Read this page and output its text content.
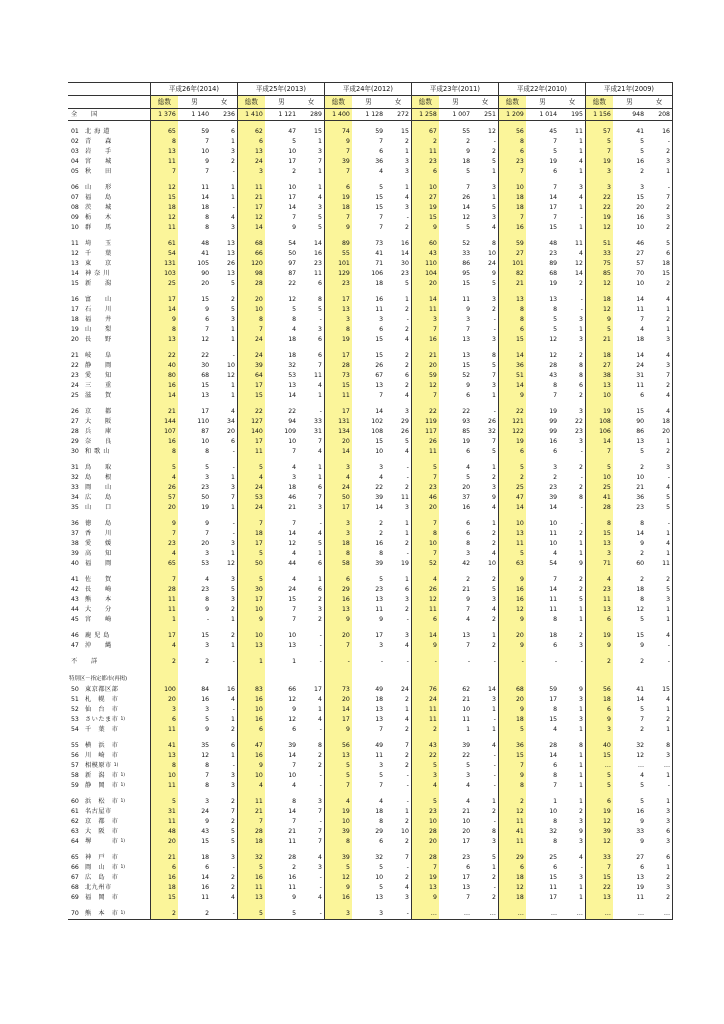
	平成26年(2014)			平成25年(2013)			平成24年(2012)			平成23年(2011)			平成22年(2010)			平成21年(2009)		
	総数	男	女	総数	男	女	総数	男	女	総数	男	女	総数	男	女	総数	男	女
全　　国	1 376	1 140	236	1 410	1 121	289	1 400	1 128	272	1 258	1 007	251	1 209	1 014	195	1 156	948	208

01 北 海 道	65	59	6	62	47	15	74	59	15	67	55	12	56	45	11	57	41	16
02 青　　森	8	7	1	6	5	1	9	7	2	2	2	-	8	7	1	5	5	-
03 岩　　手	13	10	3	13	10	3	7	6	1	11	9	2	6	5	1	7	5	2
04 宮　　城	11	9	2	24	17	7	39	36	3	23	18	5	23	19	4	19	16	3
05 秋　　田	7	7	-	3	2	1	7	4	3	6	5	1	7	6	1	3	2	1

06 山　　形	12	11	1	11	10	1	6	5	1	10	7	3	10	7	3	3	3	-
07 福　　島	15	14	1	21	17	4	19	15	4	27	26	1	18	14	4	22	15	7
08 茨　　城	18	18	-	17	14	3	18	15	3	19	14	5	18	17	1	22	20	2
09 栃　　木	12	8	4	12	7	5	7	7	-	15	12	3	7	7	-	19	16	3
10 群　　馬	11	8	3	14	9	5	9	7	2	9	5	4	16	15	1	12	10	2

11 埼　　玉	61	48	13	68	54	14	89	73	16	60	52	8	59	48	11	51	46	5
12 千　　葉	54	41	13	66	50	16	55	41	14	43	33	10	27	23	4	33	27	6
13 東　　京	131	105	26	120	97	23	101	71	30	110	86	24	101	89	12	75	57	18
14 神 奈 川	103	90	13	98	87	11	129	106	23	104	95	9	82	68	14	85	70	15
15 新　　潟	25	20	5	28	22	6	23	18	5	20	15	5	21	19	2	12	10	2

16 富　　山	17	15	2	20	12	8	17	16	1	14	11	3	13	13	-	18	14	4
17 石　　川	14	9	5	10	5	5	13	11	2	11	9	2	8	8	-	12	11	1
18 福　　井	9	6	3	8	8	-	3	3	-	3	3	-	8	5	3	9	7	2
19 山　　梨	8	7	1	7	4	3	8	6	2	7	7	-	6	5	1	5	4	1
20 長　　野	13	12	1	24	18	6	19	15	4	16	13	3	15	12	3	21	18	3

21 岐　　阜	22	22	-	24	18	6	17	15	2	21	13	8	14	12	2	18	14	4
22 静　　岡	40	30	10	39	32	7	28	26	2	20	15	5	36	28	8	27	24	3
23 愛　　知	80	68	12	64	53	11	73	67	6	59	52	7	51	43	8	38	31	7
24 三　　重	16	15	1	17	13	4	15	13	2	12	9	3	14	8	6	13	11	2
25 滋　　賀	14	13	1	15	14	1	11	7	4	7	6	1	9	7	2	10	6	4

26 京　　都	21	17	4	22	22	-	17	14	3	22	22	-	22	19	3	19	15	4
27 大　　阪	144	110	34	127	94	33	131	102	29	119	93	26	121	99	22	108	90	18
28 兵　　庫	107	87	20	140	109	31	134	108	26	117	85	32	122	99	23	106	86	20
29 奈　　良	16	10	6	17	10	7	20	15	5	26	19	7	19	16	3	14	13	1
30 和 歌 山	8	8	-	11	7	4	14	10	4	11	6	5	6	6	-	7	5	2

31 鳥　　取	5	5	-	5	4	1	3	3	-	5	4	1	5	3	2	5	2	3
32 島　　根	4	3	1	4	3	1	4	4	-	7	5	2	2	2	-	10	10	-
33 岡　　山	26	23	3	24	18	6	24	22	2	23	20	3	25	23	2	25	21	4
34 広　　島	57	50	7	53	46	7	50	39	11	46	37	9	47	39	8	41	36	5
35 山　　口	20	19	1	24	21	3	17	14	3	20	16	4	14	14	-	28	23	5

36 徳　　島	9	9	-	7	7	-	3	2	1	7	6	1	10	10	-	8	8	-
37 香　　川	7	7	-	18	14	4	3	2	1	8	6	2	13	11	2	15	14	1
38 愛　　媛	23	20	3	17	12	5	18	16	2	10	8	2	11	10	1	13	9	4
39 高　　知	4	3	1	5	4	1	8	8	-	7	3	4	5	4	1	3	2	1
40 福　　岡	65	53	12	50	44	6	58	39	19	52	42	10	63	54	9	71	60	11

41 佐　　賀	7	4	3	5	4	1	6	5	1	4	2	2	9	7	2	4	2	2
42 長　　崎	28	23	5	30	24	6	29	23	6	26	21	5	16	14	2	23	18	5
43 熊　　本	11	8	3	17	15	2	16	13	3	12	9	3	16	11	5	11	8	3
44 大　　分	11	9	2	10	7	3	13	11	2	11	7	4	12	11	1	13	12	1
45 宮　　崎	1	-	1	9	7	2	9	9	-	6	4	2	9	8	1	6	5	1

46 鹿 児 島	17	15	2	10	10	-	20	17	3	14	13	1	20	18	2	19	15	4
47 沖　　縄	4	3	1	13	13	-	7	3	4	9	7	2	9	6	3	9	9	-

不　　詳	2	2	-	1	1	-	-	-	-	-	-	-	-	-	-	2	2	-

特別区－指定都市(再掲)																		
50 東京都区部	100	84	16	83	66	17	73	49	24	76	62	14	68	59	9	56	41	15
51 札　幌　市	20	16	4	16	12	4	20	18	2	24	21	3	20	17	3	18	14	4
52 仙　台　市	3	3	-	10	9	1	14	13	1	11	10	1	9	8	1	6	5	1
53 さいたま市 $^{1)}$	6	5	1	16	12	4	17	13	4	11	11	-	18	15	3	9	7	2
54 千　葉　市	11	9	2	6	6	-	9	7	2	2	1	1	5	4	1	3	2	1

55 横　浜　市	41	35	6	47	39	8	56	49	7	43	39	4	36	28	8	40	32	8
56 川　崎　市	13	12	1	16	14	2	13	11	2	22	22	-	15	14	1	15	12	3
57 相模原市 $^{1)}$	8	8	-	9	7	2	5	3	2	5	5	-	7	6	1	…	…	…
58 新　潟　市 $^{1)}$	10	7	3	10	10	-	5	5	-	3	3	-	9	8	1	5	4	1
59 静　岡　市 $^{1)}$	11	8	3	4	4	-	7	7	-	4	4	-	8	7	1	5	5	-

60 浜　松　市 $^{1)}$	5	3	2	11	8	3	4	4	-	5	4	1	2	1	1	6	5	1
61 名古屋市	31	24	7	21	14	7	19	18	1	23	21	2	12	10	2	19	16	3
62 京　都　市	11	9	2	7	7	-	10	8	2	10	10	-	11	8	3	12	9	3
63 大　阪　市	48	43	5	28	21	7	39	29	10	28	20	8	41	32	9	39	33	6
64 堺　　　市 $^{1)}$	20	15	5	18	11	7	8	6	2	20	17	3	11	8	3	12	9	3

65 神　戸　市	21	18	3	32	28	4	39	32	7	28	23	5	29	25	4	33	27	6
66 岡　山　市 $^{1)}$	6	6	-	5	2	3	5	5	-	7	6	1	6	6	-	7	6	1
67 広　島　市	16	14	2	16	16	-	12	10	2	19	17	2	18	15	3	15	13	2
68 北九州市	18	16	2	11	11	-	9	5	4	13	13	-	12	11	1	22	19	3
69 福　岡　市	15	11	4	13	9	4	16	13	3	9	7	2	18	17	1	13	11	2

70 熊　本　市 $^{1)}$	2	2	-	5	5	-	3	3	-	…	…	…	…	…	…	…	…	…
